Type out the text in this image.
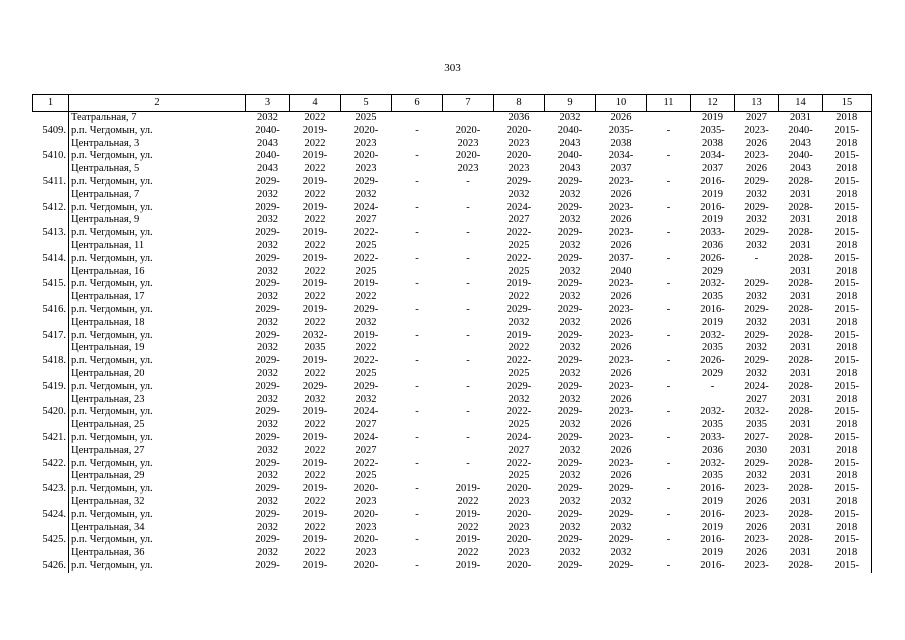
303
1	2	3	4	5	6	7	8	9	10	11	12	13	14	15
	Театральная, 7	2032	2022	2025			2036	2032	2026		2019	2027	2031	2018
5409.	р.п. Чегдомын, ул.	2040-	2019-	2020-	-	2020-	2020-	2040-	2035-	-	2035-	2023-	2040-	2015-
	Центральная, 3	2043	2022	2023		2023	2023	2043	2038		2038	2026	2043	2018
5410.	р.п. Чегдомын, ул.	2040-	2019-	2020-	-	2020-	2020-	2040-	2034-	-	2034-	2023-	2040-	2015-
	Центральная, 5	2043	2022	2023		2023	2023	2043	2037		2037	2026	2043	2018
5411.	р.п. Чегдомын, ул.	2029-	2019-	2029-	-	-	2029-	2029-	2023-	-	2016-	2029-	2028-	2015-
	Центральная, 7	2032	2022	2032			2032	2032	2026		2019	2032	2031	2018
5412.	р.п. Чегдомын, ул.	2029-	2019-	2024-	-	-	2024-	2029-	2023-	-	2016-	2029-	2028-	2015-
	Центральная, 9	2032	2022	2027			2027	2032	2026		2019	2032	2031	2018
5413.	р.п. Чегдомын, ул.	2029-	2019-	2022-	-	-	2022-	2029-	2023-	-	2033-	2029-	2028-	2015-
	Центральная, 11	2032	2022	2025			2025	2032	2026		2036	2032	2031	2018
5414.	р.п. Чегдомын, ул.	2029-	2019-	2022-	-	-	2022-	2029-	2037-	-	2026-	-	2028-	2015-
	Центральная, 16	2032	2022	2025			2025	2032	2040		2029		2031	2018
5415.	р.п. Чегдомын, ул.	2029-	2019-	2019-	-	-	2019-	2029-	2023-	-	2032-	2029-	2028-	2015-
	Центральная, 17	2032	2022	2022			2022	2032	2026		2035	2032	2031	2018
5416.	р.п. Чегдомын, ул.	2029-	2019-	2029-	-	-	2029-	2029-	2023-	-	2016-	2029-	2028-	2015-
	Центральная, 18	2032	2022	2032			2032	2032	2026		2019	2032	2031	2018
5417.	р.п. Чегдомын, ул.	2029-	2032-	2019-	-	-	2019-	2029-	2023-	-	2032-	2029-	2028-	2015-
	Центральная, 19	2032	2035	2022			2022	2032	2026		2035	2032	2031	2018
5418.	р.п. Чегдомын, ул.	2029-	2019-	2022-	-	-	2022-	2029-	2023-	-	2026-	2029-	2028-	2015-
	Центральная, 20	2032	2022	2025			2025	2032	2026		2029	2032	2031	2018
5419.	р.п. Чегдомын, ул.	2029-	2029-	2029-	-	-	2029-	2029-	2023-	-	-	2024-	2028-	2015-
	Центральная, 23	2032	2032	2032			2032	2032	2026			2027	2031	2018
5420.	р.п. Чегдомын, ул.	2029-	2019-	2024-	-	-	2022-	2029-	2023-	-	2032-	2032-	2028-	2015-
	Центральная, 25	2032	2022	2027			2025	2032	2026		2035	2035	2031	2018
5421.	р.п. Чегдомын, ул.	2029-	2019-	2024-	-	-	2024-	2029-	2023-	-	2033-	2027-	2028-	2015-
	Центральная, 27	2032	2022	2027			2027	2032	2026		2036	2030	2031	2018
5422.	р.п. Чегдомын, ул.	2029-	2019-	2022-	-	-	2022-	2029-	2023-	-	2032-	2029-	2028-	2015-
	Центральная, 29	2032	2022	2025			2025	2032	2026		2035	2032	2031	2018
5423.	р.п. Чегдомын, ул.	2029-	2019-	2020-	-	2019-	2020-	2029-	2029-	-	2016-	2023-	2028-	2015-
	Центральная, 32	2032	2022	2023		2022	2023	2032	2032		2019	2026	2031	2018
5424.	р.п. Чегдомын, ул.	2029-	2019-	2020-	-	2019-	2020-	2029-	2029-	-	2016-	2023-	2028-	2015-
	Центральная, 34	2032	2022	2023		2022	2023	2032	2032		2019	2026	2031	2018
5425.	р.п. Чегдомын, ул.	2029-	2019-	2020-	-	2019-	2020-	2029-	2029-	-	2016-	2023-	2028-	2015-
	Центральная, 36	2032	2022	2023		2022	2023	2032	2032		2019	2026	2031	2018
5426.	р.п. Чегдомын, ул.	2029-	2019-	2020-	-	2019-	2020-	2029-	2029-	-	2016-	2023-	2028-	2015-
